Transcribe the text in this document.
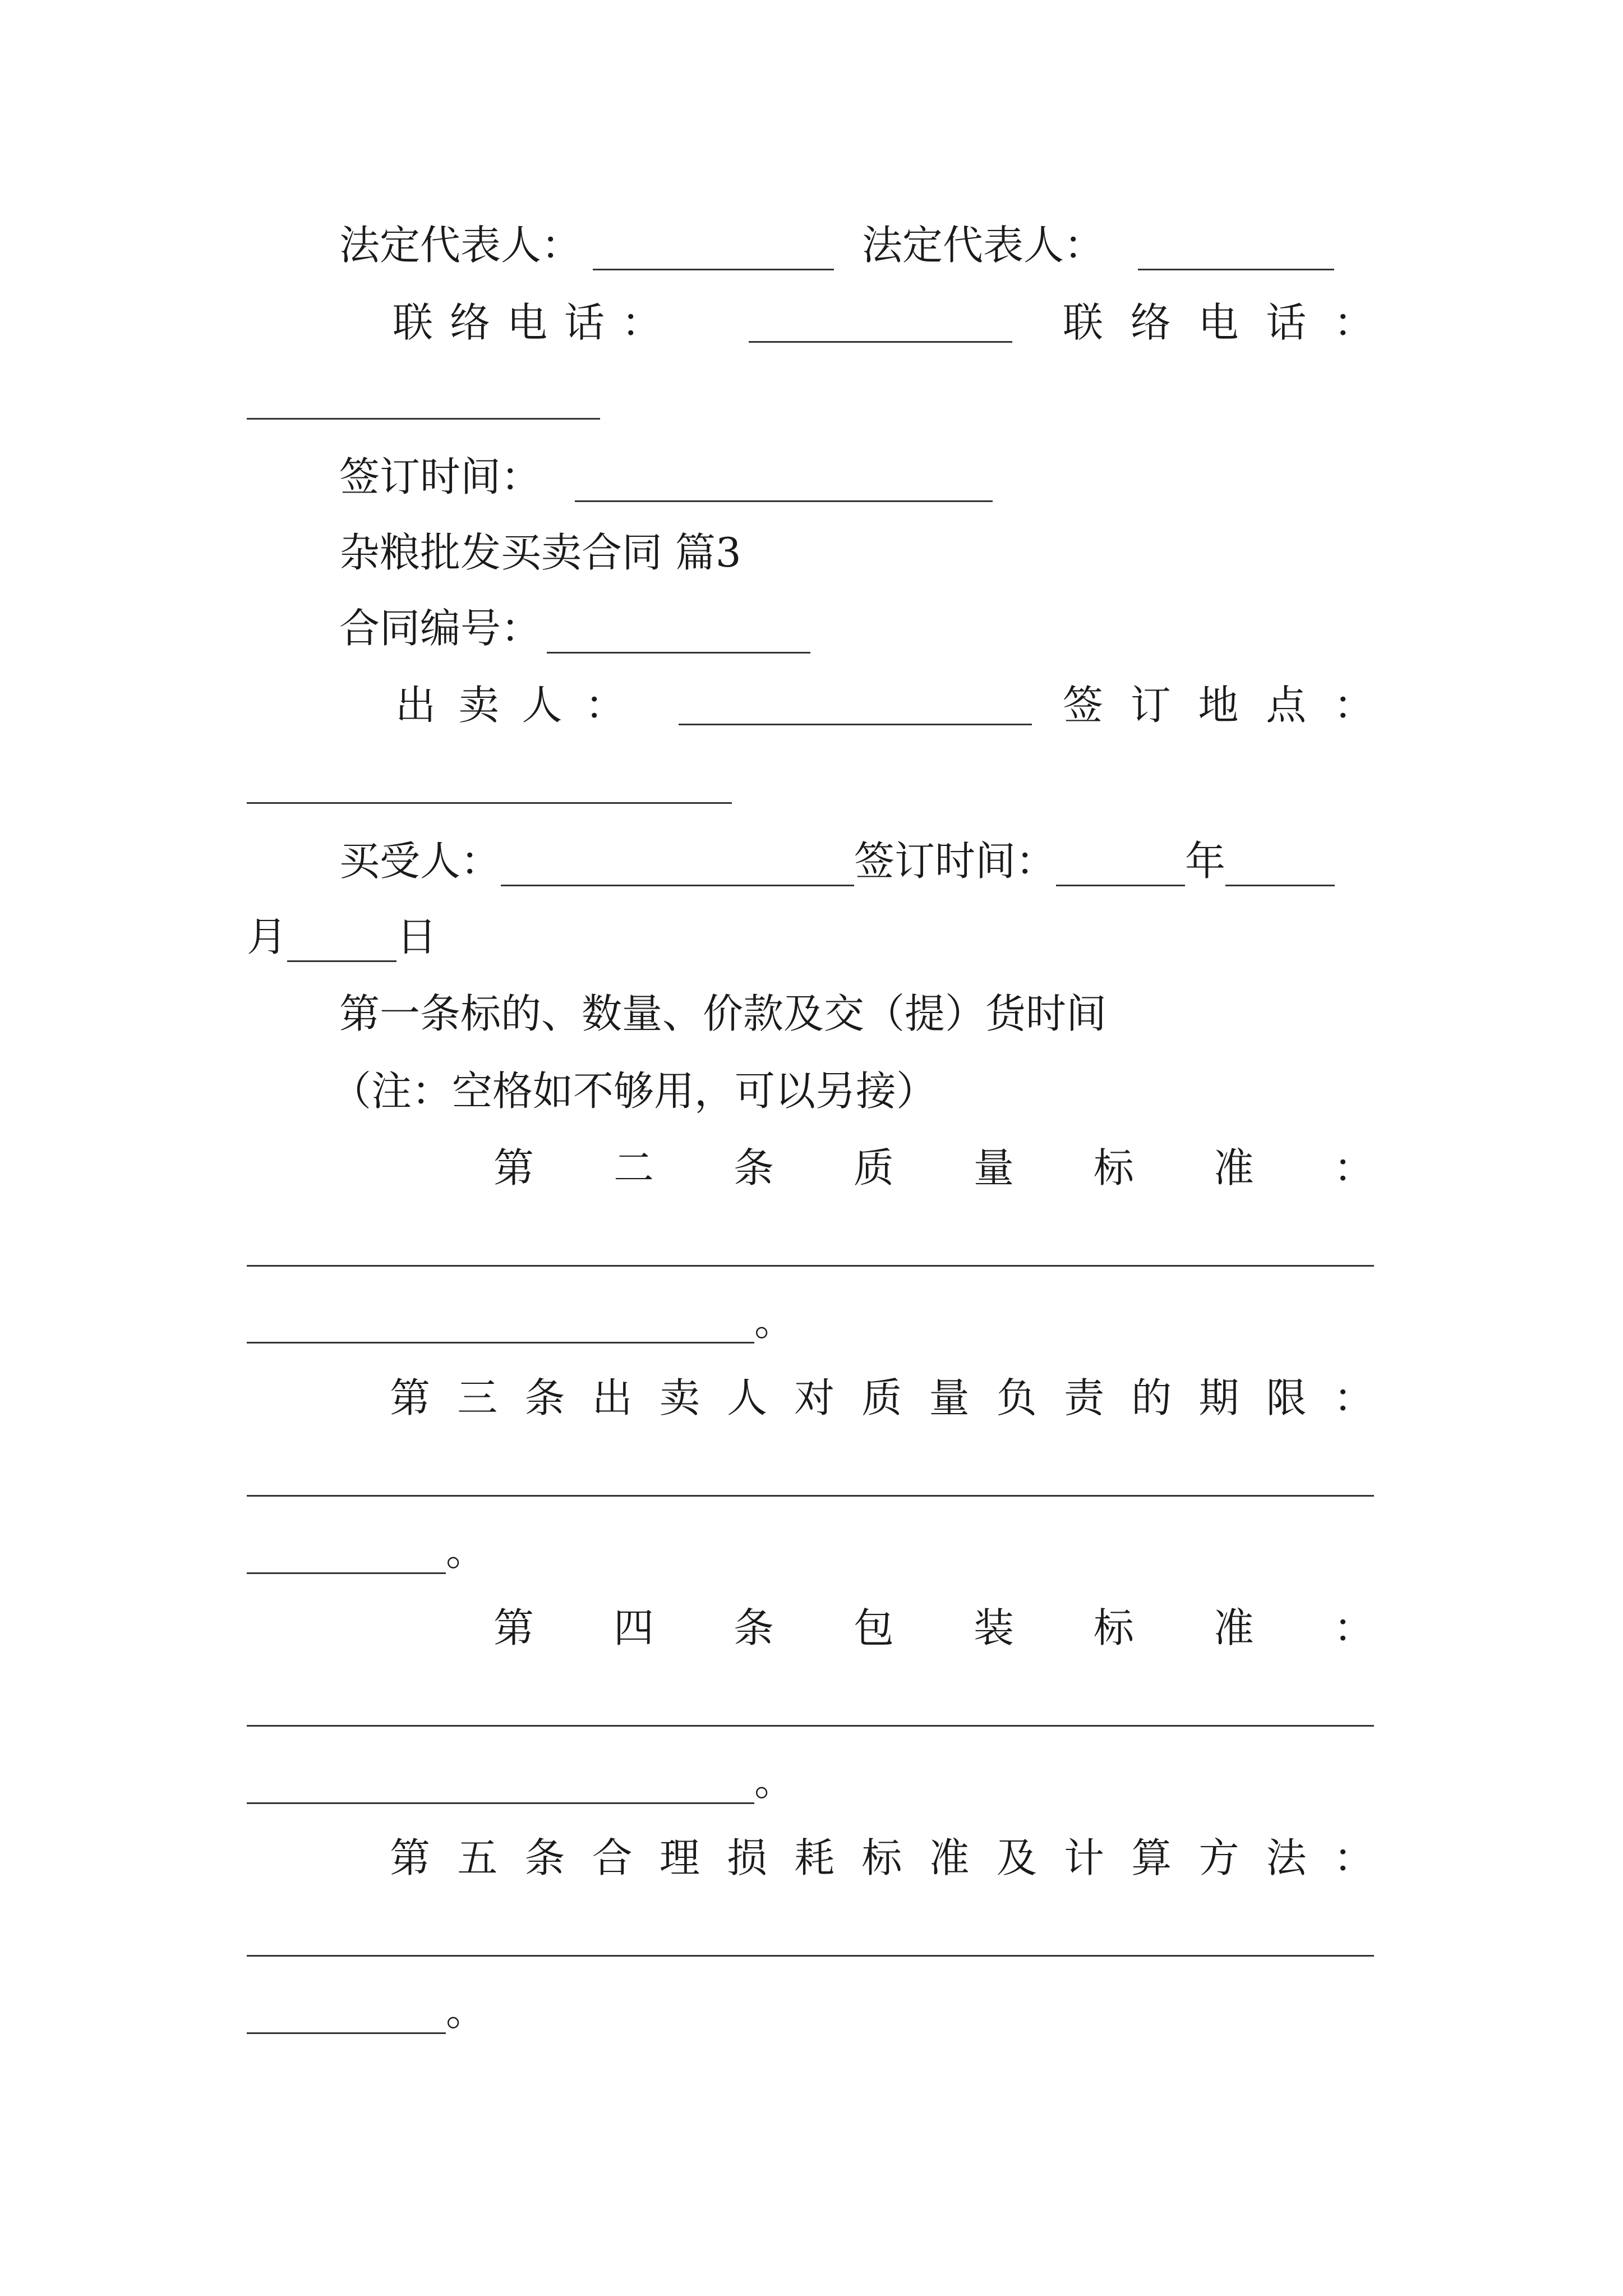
法定代表人：	法定代表人：
联 络 电 话 ：	联 络 电 话 ：
签订时间：
杂粮批发买卖合同 篇3
合同编号：
出 卖 人 ：	签 订 地 点 ：
买受人：	签订时间：	年
月	日
第一条标的、数量、价款及交（提）货时间
（注：空格如不够用，可以另接）
第 二 条 质 量 标 准 ：
。
第 三 条 出 卖 人 对 质 量 负 责 的 期 限 ：
。
第 四 条 包 装 标 准 ：
。
第 五 条 合 理 损 耗 标 准 及 计 算 方 法 ：
。
